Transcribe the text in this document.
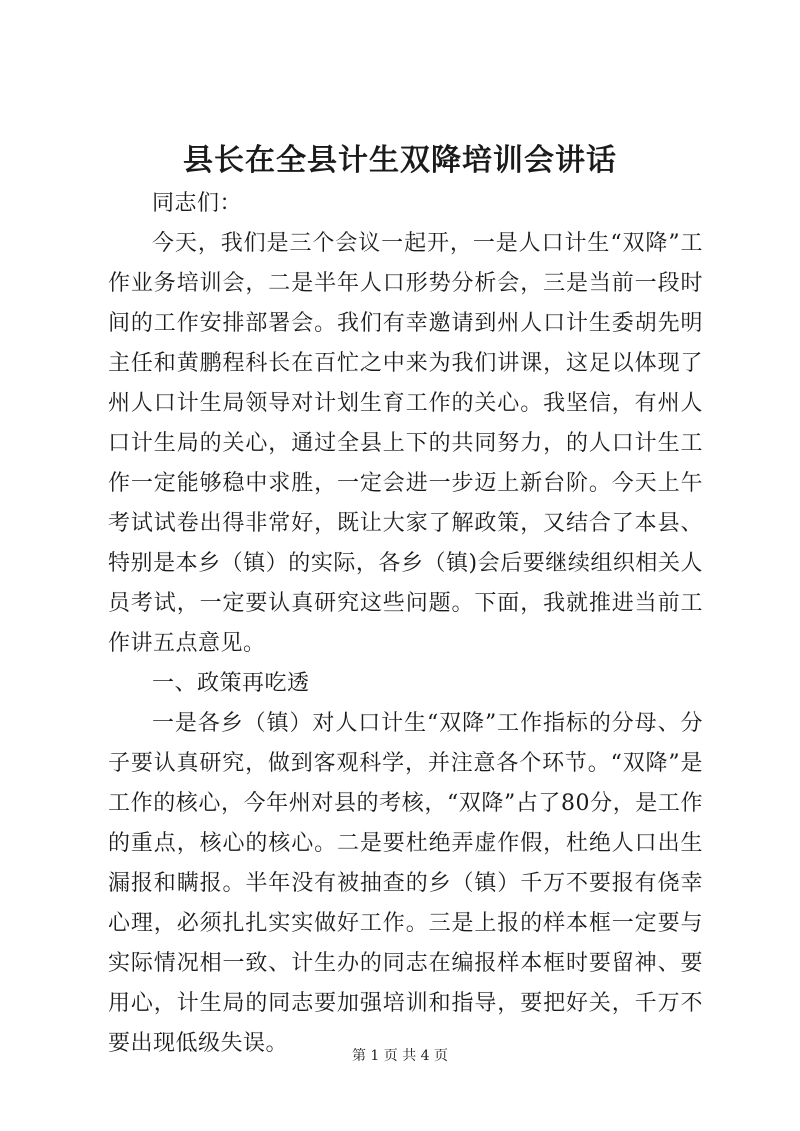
县长在全县计生双降培训会讲话

同志们：

今天，我们是三个会议一起开，一是人口计生“双降”工作业务培训会，二是半年人口形势分析会，三是当前一段时间的工作安排部署会。我们有幸邀请到州人口计生委胡先明主任和黄鹏程科长在百忙之中来为我们讲课，这足以体现了州人口计生局领导对计划生育工作的关心。我坚信，有州人口计生局的关心，通过全县上下的共同努力，的人口计生工作一定能够稳中求胜，一定会进一步迈上新台阶。今天上午考试试卷出得非常好，既让大家了解政策，又结合了本县、特别是本乡（镇）的实际，各乡（镇)会后要继续组织相关人员考试，一定要认真研究这些问题。下面，我就推进当前工作讲五点意见。

一、政策再吃透

一是各乡（镇）对人口计生“双降”工作指标的分母、分子要认真研究，做到客观科学，并注意各个环节。“双降”是工作的核心，今年州对县的考核，“双降”占了80分，是工作的重点，核心的核心。二是要杜绝弄虚作假，杜绝人口出生漏报和瞒报。半年没有被抽查的乡（镇）千万不要报有侥幸心理，必须扎扎实实做好工作。三是上报的样本框一定要与实际情况相一致、计生办的同志在编报样本框时要留神、要用心，计生局的同志要加强培训和指导，要把好关，千万不要出现低级失误。	第 1 页 共 4 页
